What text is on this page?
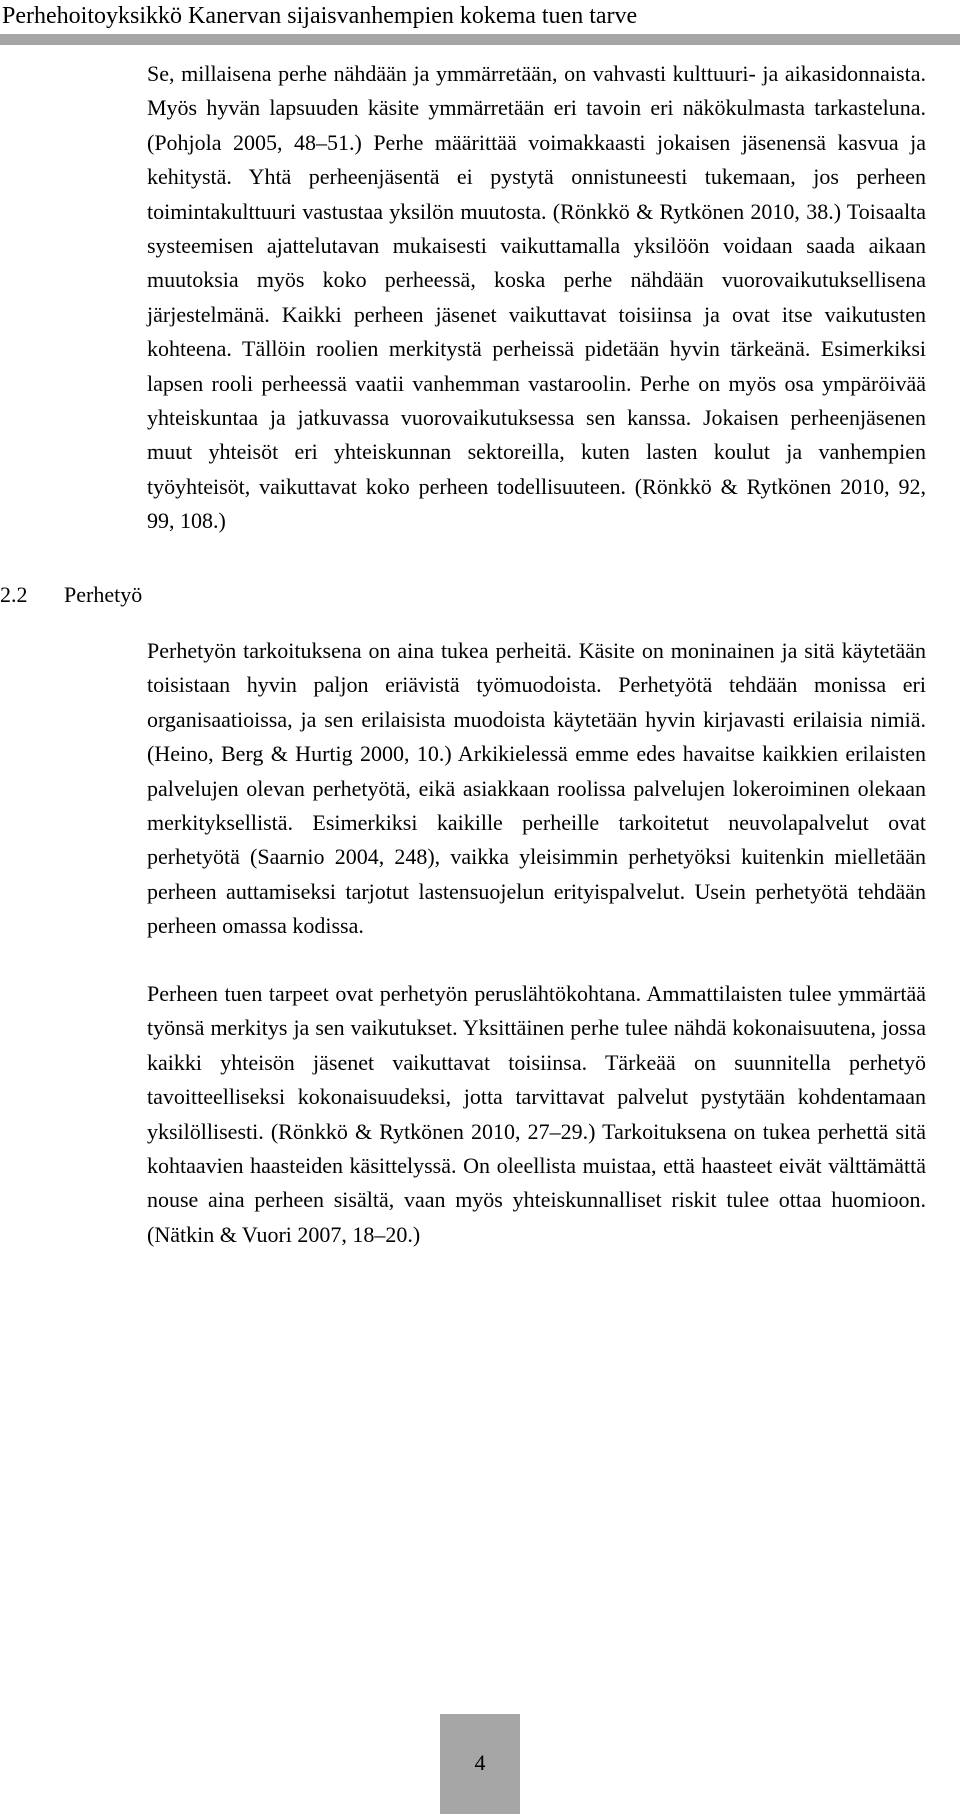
Perhehoitoyksikkö Kanervan sijaisvanhempien kokema tuen tarve

Se, millaisena perhe nähdään ja ymmärretään, on vahvasti kulttuuri- ja aikasidonnaista. Myös hyvän lapsuuden käsite ymmärretään eri tavoin eri näkökulmasta tarkasteluna. (Pohjola 2005, 48–51.) Perhe määrittää voimakkaasti jokaisen jäsenensä kasvua ja kehitystä. Yhtä perheenjäsentä ei pystytä onnistuneesti tukemaan, jos perheen toimintakulttuuri vastustaa yksilön muutosta. (Rönkkö & Rytkönen 2010, 38.) Toisaalta systeemisen ajattelutavan mukaisesti vaikuttamalla yksilöön voidaan saada aikaan muutoksia myös koko perheessä, koska perhe nähdään vuorovaikutuksellisena järjestelmänä. Kaikki perheen jäsenet vaikuttavat toisiinsa ja ovat itse vaikutusten kohteena. Tällöin roolien merkitystä perheissä pidetään hyvin tärkeänä. Esimerkiksi lapsen rooli perheessä vaatii vanhemman vastaroolin. Perhe on myös osa ympäröivää yhteiskuntaa ja jatkuvassa vuorovaikutuksessa sen kanssa. Jokaisen perheenjäsenen muut yhteisöt eri yhteiskunnan sektoreilla, kuten lasten koulut ja vanhempien työyhteisöt, vaikuttavat koko perheen todellisuuteen. (Rönkkö & Rytkönen 2010, 92, 99, 108.)

2.2 Perhetyö

Perhetyön tarkoituksena on aina tukea perheitä. Käsite on moninainen ja sitä käytetään toisistaan hyvin paljon eriävistä työmuodoista. Perhetyötä tehdään monissa eri organisaatioissa, ja sen erilaisista muodoista käytetään hyvin kirjavasti erilaisia nimiä. (Heino, Berg & Hurtig 2000, 10.) Arkikielessä emme edes havaitse kaikkien erilaisten palvelujen olevan perhetyötä, eikä asiakkaan roolissa palvelujen lokeroiminen olekaan merkityksellistä. Esimerkiksi kaikille perheille tarkoitetut neuvolapalvelut ovat perhetyötä (Saarnio 2004, 248), vaikka yleisimmin perhetyöksi kuitenkin mielletään perheen auttamiseksi tarjotut lastensuojelun erityispalvelut. Usein perhetyötä tehdään perheen omassa kodissa.

Perheen tuen tarpeet ovat perhetyön peruslähtökohtana. Ammattilaisten tulee ymmärtää työnsä merkitys ja sen vaikutukset. Yksittäinen perhe tulee nähdä kokonaisuutena, jossa kaikki yhteisön jäsenet vaikuttavat toisiinsa. Tärkeää on suunnitella perhetyö tavoitteelliseksi kokonaisuudeksi, jotta tarvittavat palvelut pystytään kohdentamaan yksilöllisesti. (Rönkkö & Rytkönen 2010, 27–29.) Tarkoituksena on tukea perhettä sitä kohtaavien haasteiden käsittelyssä. On oleellista muistaa, että haasteet eivät välttämättä nouse aina perheen sisältä, vaan myös yhteiskunnalliset riskit tulee ottaa huomioon. (Nätkin & Vuori 2007, 18–20.)

4
